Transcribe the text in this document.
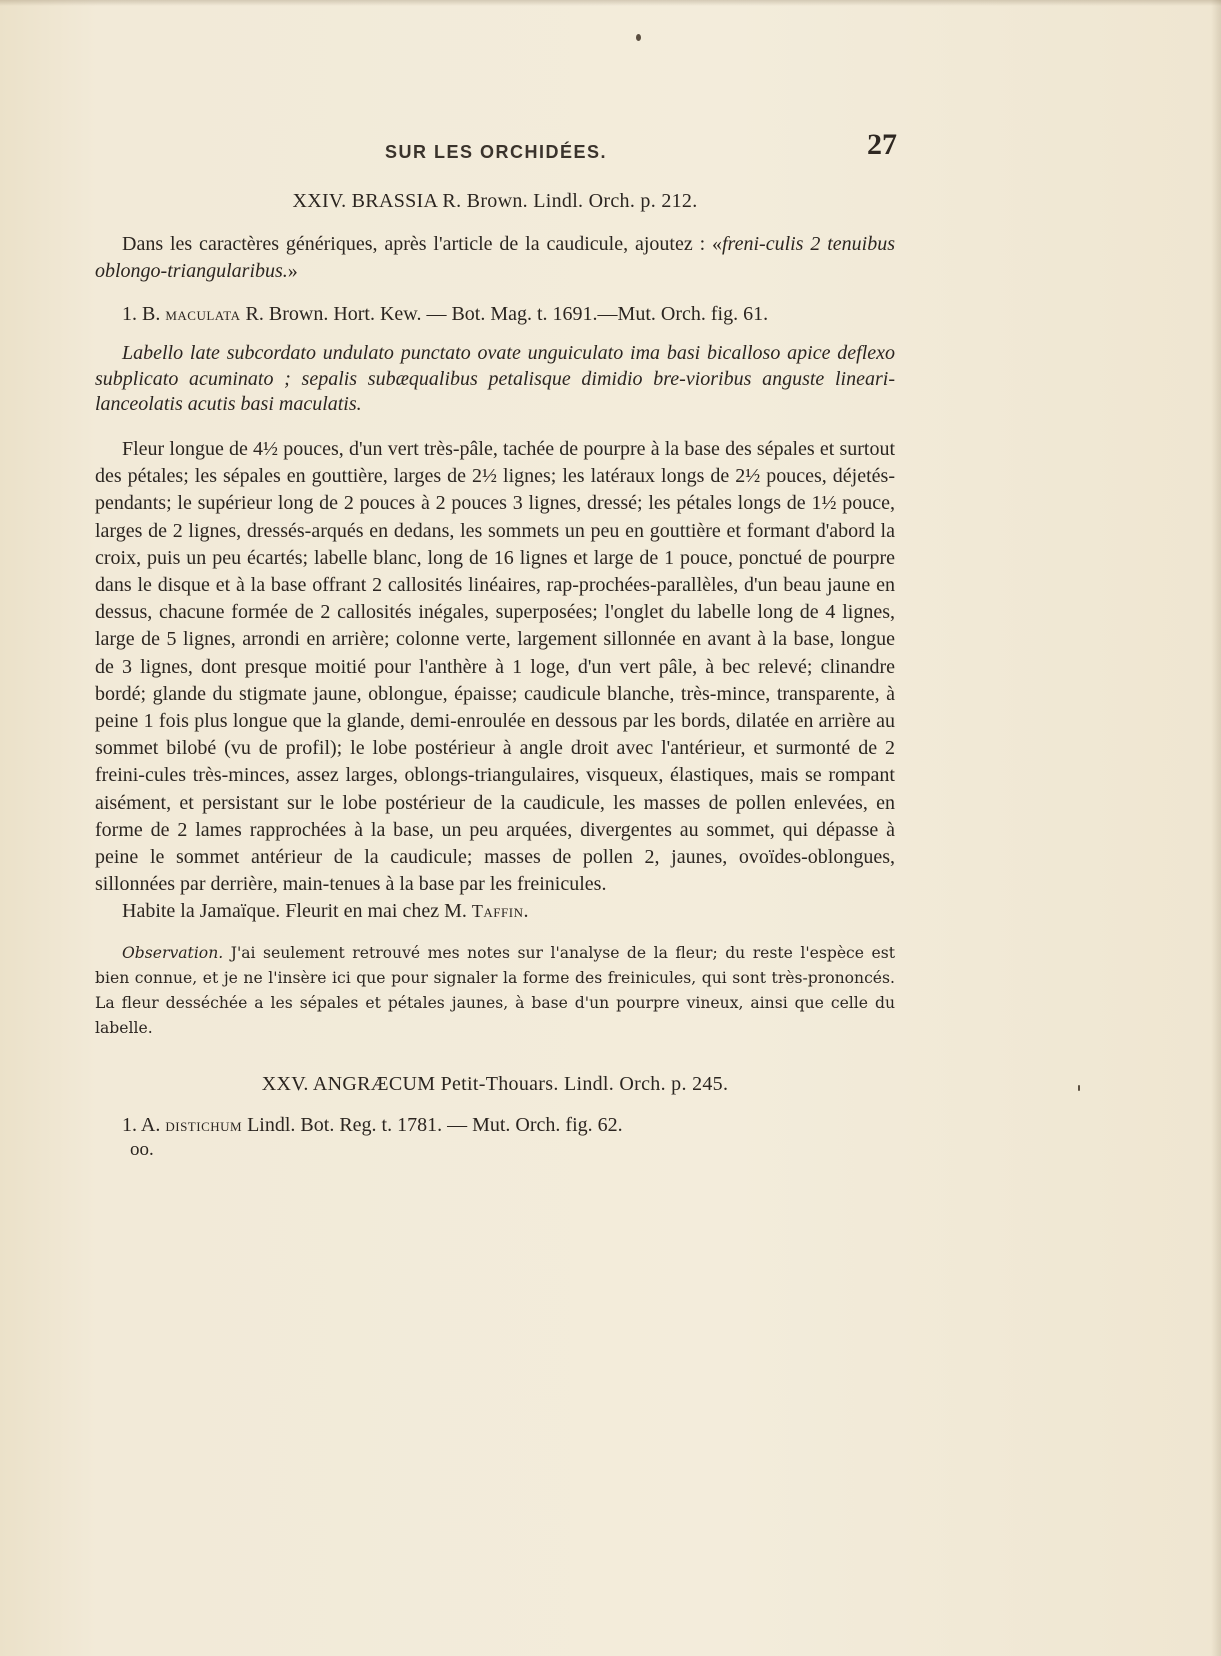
SUR LES ORCHIDÉES.	27
XXIV. BRASSIA R. Brown. Lindl. Orch. p. 212.

Dans les caractères génériques, après l'article de la caudicule, ajoutez : «freni-culis 2 tenuibus oblongo-triangularibus.»

1. B. maculata R. Brown. Hort. Kew. — Bot. Mag. t. 1691.—Mut. Orch. fig. 61.

Labello late subcordato undulato punctato ovate unguiculato ima basi bicalloso apice deflexo subplicato acuminato ; sepalis subæqualibus petalisque dimidio bre-vioribus anguste lineari-lanceolatis acutis basi maculatis.

Fleur longue de 4½ pouces, d'un vert très-pâle, tachée de pourpre à la base des sépales et surtout des pétales; les sépales en gouttière, larges de 2½ lignes; les latéraux longs de 2½ pouces, déjetés-pendants; le supérieur long de 2 pouces à 2 pouces 3 lignes, dressé; les pétales longs de 1½ pouce, larges de 2 lignes, dressés-arqués en dedans, les sommets un peu en gouttière et formant d'abord la croix, puis un peu écartés; labelle blanc, long de 16 lignes et large de 1 pouce, ponctué de pourpre dans le disque et à la base offrant 2 callosités linéaires, rap-prochées-parallèles, d'un beau jaune en dessus, chacune formée de 2 callosités inégales, superposées; l'onglet du labelle long de 4 lignes, large de 5 lignes, arrondi en arrière; colonne verte, largement sillonnée en avant à la base, longue de 3 lignes, dont presque moitié pour l'anthère à 1 loge, d'un vert pâle, à bec relevé; clinandre bordé; glande du stigmate jaune, oblongue, épaisse; caudicule blanche, très-mince, transparente, à peine 1 fois plus longue que la glande, demi-enroulée en dessous par les bords, dilatée en arrière au sommet bilobé (vu de profil); le lobe postérieur à angle droit avec l'antérieur, et surmonté de 2 freini-cules très-minces, assez larges, oblongs-triangulaires, visqueux, élastiques, mais se rompant aisément, et persistant sur le lobe postérieur de la caudicule, les masses de pollen enlevées, en forme de 2 lames rapprochées à la base, un peu arquées, divergentes au sommet, qui dépasse à peine le sommet antérieur de la caudicule; masses de pollen 2, jaunes, ovoïdes-oblongues, sillonnées par derrière, main-tenues à la base par les freinicules.

Habite la Jamaïque. Fleurit en mai chez M. Taffin.

Observation. J'ai seulement retrouvé mes notes sur l'analyse de la fleur; du reste l'espèce est bien connue, et je ne l'insère ici que pour signaler la forme des freinicules, qui sont très-prononcés. La fleur desséchée a les sépales et pétales jaunes, à base d'un pourpre vineux, ainsi que celle du labelle.

XXV. ANGRÆCUM Petit-Thouars. Lindl. Orch. p. 245.

1. A. distichum Lindl. Bot. Reg. t. 1781. — Mut. Orch. fig. 62.

oo.
